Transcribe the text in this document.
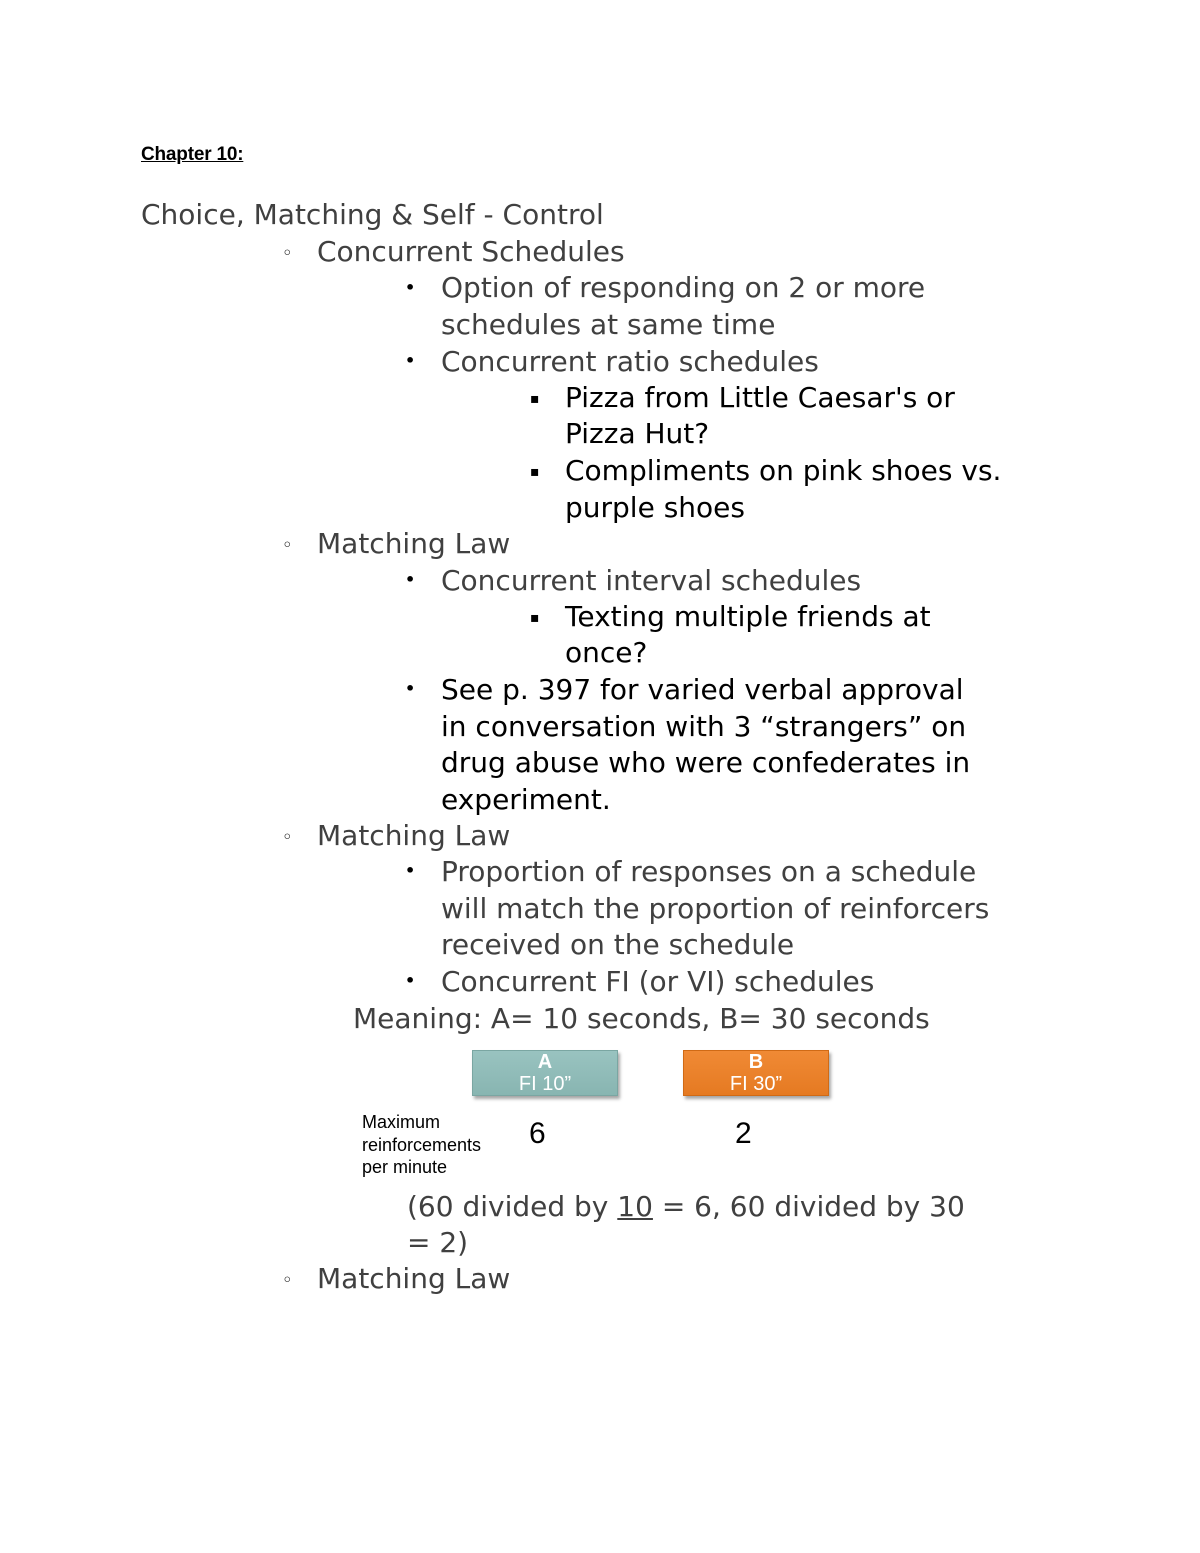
Chapter 10:
Choice, Matching & Self - Control
◦ Concurrent Schedules
• Option of responding on 2 or more
schedules at same time
• Concurrent ratio schedules
▪ Pizza from Little Caesar's or
Pizza Hut?
▪ Compliments on pink shoes vs.
purple shoes
◦ Matching Law
• Concurrent interval schedules
▪ Texting multiple friends at
once?
• See p. 397 for varied verbal approval
in conversation with 3 “strangers” on
drug abuse who were confederates in
experiment.
◦ Matching Law
• Proportion of responses on a schedule
will match the proportion of reinforcers
received on the schedule
• Concurrent FI (or VI) schedules
Meaning: A= 10 seconds, B= 30 seconds
A
FI 10”
B
FI 30”
Maximum
reinforcements
per minute
6	2
(60 divided by 10 = 6, 60 divided by 30
= 2)
◦ Matching Law
